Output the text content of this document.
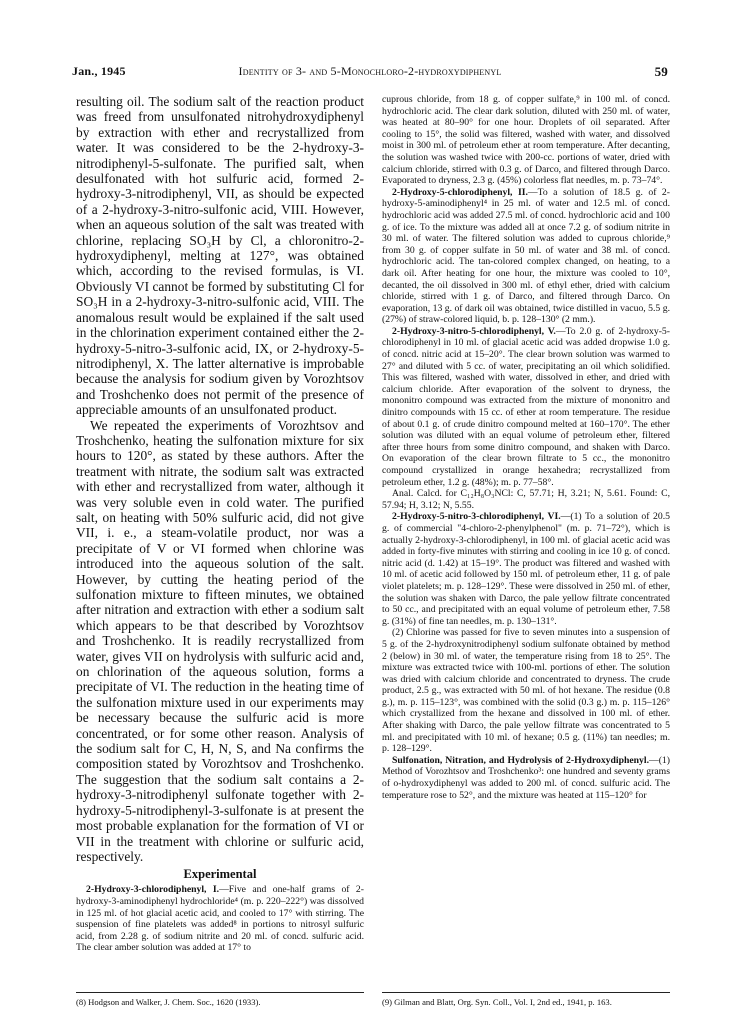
Jan., 1945	Identity of 3- and 5-Monochloro-2-hydroxydiphenyl	59

resulting oil. The sodium salt of the reaction product was freed from unsulfonated nitrohydroxydiphenyl by extraction with ether and recrystallized from water. It was considered to be the 2-hydroxy-3-nitrodiphenyl-5-sulfonate. The purified salt, when desulfonated with hot sulfuric acid, formed 2-hydroxy-3-nitrodiphenyl, VII, as should be expected of a 2-hydroxy-3-nitro-sulfonic acid, VIII. However, when an aqueous solution of the salt was treated with chlorine, replacing SO₃H by Cl, a chloronitro-2-hydroxydiphenyl, melting at 127°, was obtained which, according to the revised formulas, is VI. Obviously VI cannot be formed by substituting Cl for SO₃H in a 2-hydroxy-3-nitro-sulfonic acid, VIII. The anomalous result would be explained if the salt used in the chlorination experiment contained either the 2-hydroxy-5-nitro-3-sulfonic acid, IX, or 2-hydroxy-5-nitrodiphenyl, X. The latter alternative is improbable because the analysis for sodium given by Vorozhtsov and Troshchenko does not permit of the presence of appreciable amounts of an unsulfonated product.

We repeated the experiments of Vorozhtsov and Troshchenko, heating the sulfonation mixture for six hours to 120°, as stated by these authors. After the treatment with nitrate, the sodium salt was extracted with ether and recrystallized from water, although it was very soluble even in cold water. The purified salt, on heating with 50% sulfuric acid, did not give VII, i. e., a steam-volatile product, nor was a precipitate of V or VI formed when chlorine was introduced into the aqueous solution of the salt. However, by cutting the heating period of the sulfonation mixture to fifteen minutes, we obtained after nitration and extraction with ether a sodium salt which appears to be that described by Vorozhtsov and Troshchenko. It is readily recrystallized from water, gives VII on hydrolysis with sulfuric acid and, on chlorination of the aqueous solution, forms a precipitate of VI. The reduction in the heating time of the sulfonation mixture used in our experiments may be necessary because the sulfuric acid is more concentrated, or for some other reason. Analysis of the sodium salt for C, H, N, S, and Na confirms the composition stated by Vorozhtsov and Troshchenko. The suggestion that the sodium salt contains a 2-hydroxy-3-nitrodiphenyl sulfonate together with 2-hydroxy-5-nitrodiphenyl-3-sulfonate is at present the most probable explanation for the formation of VI or VII in the treatment with chlorine or sulfuric acid, respectively.

Experimental

2-Hydroxy-3-chlorodiphenyl, I.—Five and one-half grams of 2-hydroxy-3-aminodiphenyl hydrochloride⁴ (m. p. 220–222°) was dissolved in 125 ml. of hot glacial acetic acid, and cooled to 17° with stirring. The suspension of fine platelets was added⁸ in portions to nitrosyl sulfuric acid, from 2.28 g. of sodium nitrite and 20 ml. of concd. sulfuric acid. The clear amber solution was added at 17° to

cuprous chloride, from 18 g. of copper sulfate,⁹ in 100 ml. of concd. hydrochloric acid. The clear dark solution, diluted with 250 ml. of water, was heated at 80–90° for one hour. Droplets of oil separated. After cooling to 15°, the solid was filtered, washed with water, and dissolved moist in 300 ml. of petroleum ether at room temperature. After decanting, the solution was washed twice with 200-cc. portions of water, dried with calcium chloride, stirred with 0.3 g. of Darco, and filtered through Darco. Evaporated to dryness, 2.3 g. (45%) colorless flat needles, m. p. 73–74°.

2-Hydroxy-5-chlorodiphenyl, II.—To a solution of 18.5 g. of 2-hydroxy-5-aminodiphenyl⁴ in 25 ml. of water and 12.5 ml. of concd. hydrochloric acid was added 27.5 ml. of concd. hydrochloric acid and 100 g. of ice. To the mixture was added all at once 7.2 g. of sodium nitrite in 30 ml. of water. The filtered solution was added to cuprous chloride,⁹ from 30 g. of copper sulfate in 50 ml. of water and 38 ml. of concd. hydrochloric acid. The tan-colored complex changed, on heating, to a dark oil. After heating for one hour, the mixture was cooled to 10°, decanted, the oil dissolved in 300 ml. of ethyl ether, dried with calcium chloride, stirred with 1 g. of Darco, and filtered through Darco. On evaporation, 13 g. of dark oil was obtained, twice distilled in vacuo, 5.5 g. (27%) of straw-colored liquid, b. p. 128–130° (2 mm.).

2-Hydroxy-3-nitro-5-chlorodiphenyl, V.—To 2.0 g. of 2-hydroxy-5-chlorodiphenyl in 10 ml. of glacial acetic acid was added dropwise 1.0 g. of concd. nitric acid at 15–20°. The clear brown solution was warmed to 27° and diluted with 5 cc. of water, precipitating an oil which solidified. This was filtered, washed with water, dissolved in ether, and dried with calcium chloride. After evaporation of the solvent to dryness, the mononitro compound was extracted from the mixture of mononitro and dinitro compounds with 15 cc. of ether at room temperature. The residue of about 0.1 g. of crude dinitro compound melted at 160–170°. The ether solution was diluted with an equal volume of petroleum ether, filtered after three hours from some dinitro compound, and shaken with Darco. On evaporation of the clear brown filtrate to 5 cc., the mononitro compound crystallized in orange hexahedra; recrystallized from petroleum ether, 1.2 g. (48%); m. p. 77–58°.

Anal. Calcd. for C₁₂H₈O₃NCl: C, 57.71; H, 3.21; N, 5.61. Found: C, 57.94; H, 3.12; N, 5.55.

2-Hydroxy-5-nitro-3-chlorodiphenyl, VI.—(1) To a solution of 20.5 g. of commercial "4-chloro-2-phenylphenol" (m. p. 71–72°), which is actually 2-hydroxy-3-chlorodiphenyl, in 100 ml. of glacial acetic acid was added in forty-five minutes with stirring and cooling in ice 10 g. of concd. nitric acid (d. 1.42) at 15–19°. The product was filtered and washed with 10 ml. of acetic acid followed by 150 ml. of petroleum ether, 11 g. of pale violet platelets; m. p. 128–129°. These were dissolved in 250 ml. of ether, the solution was shaken with Darco, the pale yellow filtrate concentrated to 50 cc., and precipitated with an equal volume of petroleum ether, 7.58 g. (31%) of fine tan needles, m. p. 130–131°.

(2) Chlorine was passed for five to seven minutes into a suspension of 5 g. of the 2-hydroxynitrodiphenyl sodium sulfonate obtained by method 2 (below) in 30 ml. of water, the temperature rising from 18 to 25°. The mixture was extracted twice with 100-ml. portions of ether. The solution was dried with calcium chloride and concentrated to dryness. The crude product, 2.5 g., was extracted with 50 ml. of hot hexane. The residue (0.8 g.), m. p. 115–123°, was combined with the solid (0.3 g.) m. p. 115–126° which crystallized from the hexane and dissolved in 100 ml. of ether. After shaking with Darco, the pale yellow filtrate was concentrated to 5 ml. and precipitated with 10 ml. of hexane; 0.5 g. (11%) tan needles; m. p. 128–129°.

Sulfonation, Nitration, and Hydrolysis of 2-Hydroxydiphenyl.—(1) Method of Vorozhtsov and Troshchenko³: one hundred and seventy grams of o-hydroxydiphenyl was added to 200 ml. of concd. sulfuric acid. The temperature rose to 52°, and the mixture was heated at 115–120° for

(8) Hodgson and Walker, J. Chem. Soc., 1620 (1933).	(9) Gilman and Blatt, Org. Syn. Coll., Vol. I, 2nd ed., 1941, p. 163.
